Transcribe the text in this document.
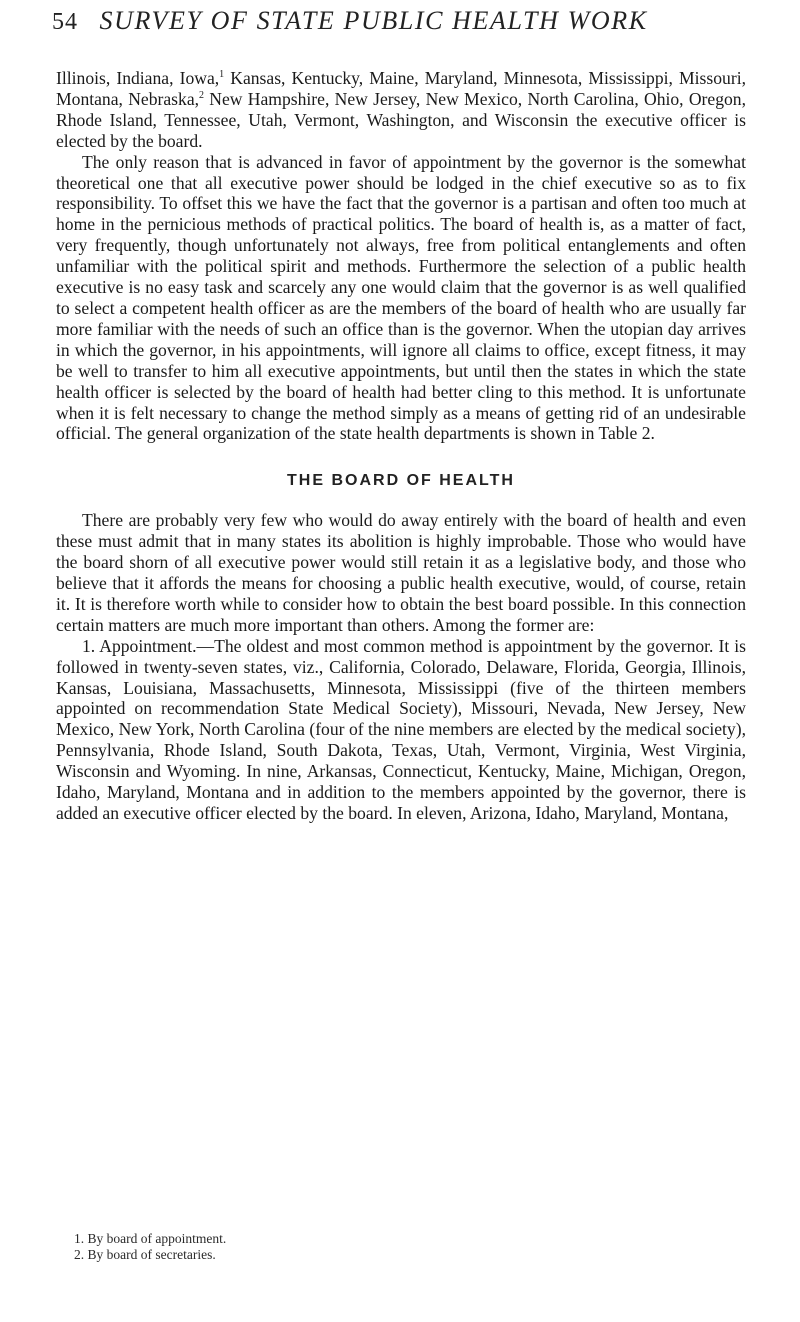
54 SURVEY OF STATE PUBLIC HEALTH WORK

Illinois, Indiana, Iowa,$^1$ Kansas, Kentucky, Maine, Maryland, Minnesota, Mississippi, Missouri, Montana, Nebraska,$^2$ New Hampshire, New Jersey, New Mexico, North Carolina, Ohio, Oregon, Rhode Island, Tennessee, Utah, Vermont, Washington, and Wisconsin the executive officer is elected by the board.

The only reason that is advanced in favor of appointment by the governor is the somewhat theoretical one that all executive power should be lodged in the chief executive so as to fix responsibility. To offset this we have the fact that the governor is a partisan and often too much at home in the pernicious methods of practical politics. The board of health is, as a matter of fact, very frequently, though unfortunately not always, free from political entanglements and often unfamiliar with the political spirit and methods. Furthermore the selection of a public health executive is no easy task and scarcely any one would claim that the governor is as well qualified to select a competent health officer as are the members of the board of health who are usually far more familiar with the needs of such an office than is the governor. When the utopian day arrives in which the governor, in his appointments, will ignore all claims to office, except fitness, it may be well to transfer to him all executive appointments, but until then the states in which the state health officer is selected by the board of health had better cling to this method. It is unfortunate when it is felt necessary to change the method simply as a means of getting rid of an undesirable official. The general organization of the state health departments is shown in Table 2.

THE BOARD OF HEALTH

There are probably very few who would do away entirely with the board of health and even these must admit that in many states its abolition is highly improbable. Those who would have the board shorn of all executive power would still retain it as a legislative body, and those who believe that it affords the means for choosing a public health executive, would, of course, retain it. It is therefore worth while to consider how to obtain the best board possible. In this connection certain matters are much more important than others. Among the former are:

1. Appointment.—The oldest and most common method is appointment by the governor. It is followed in twenty-seven states, viz., California, Colorado, Delaware, Florida, Georgia, Illinois, Kansas, Louisiana, Massachusetts, Minnesota, Mississippi (five of the thirteen members appointed on recommendation State Medical Society), Missouri, Nevada, New Jersey, New Mexico, New York, North Carolina (four of the nine members are elected by the medical society), Pennsylvania, Rhode Island, South Dakota, Texas, Utah, Vermont, Virginia, West Virginia, Wisconsin and Wyoming. In nine, Arkansas, Connecticut, Kentucky, Maine, Michigan, Oregon, Idaho, Maryland, Montana and in addition to the members appointed by the governor, there is added an executive officer elected by the board. In eleven, Arizona, Idaho, Maryland, Montana,

1. By board of appointment.
2. By board of secretaries.
